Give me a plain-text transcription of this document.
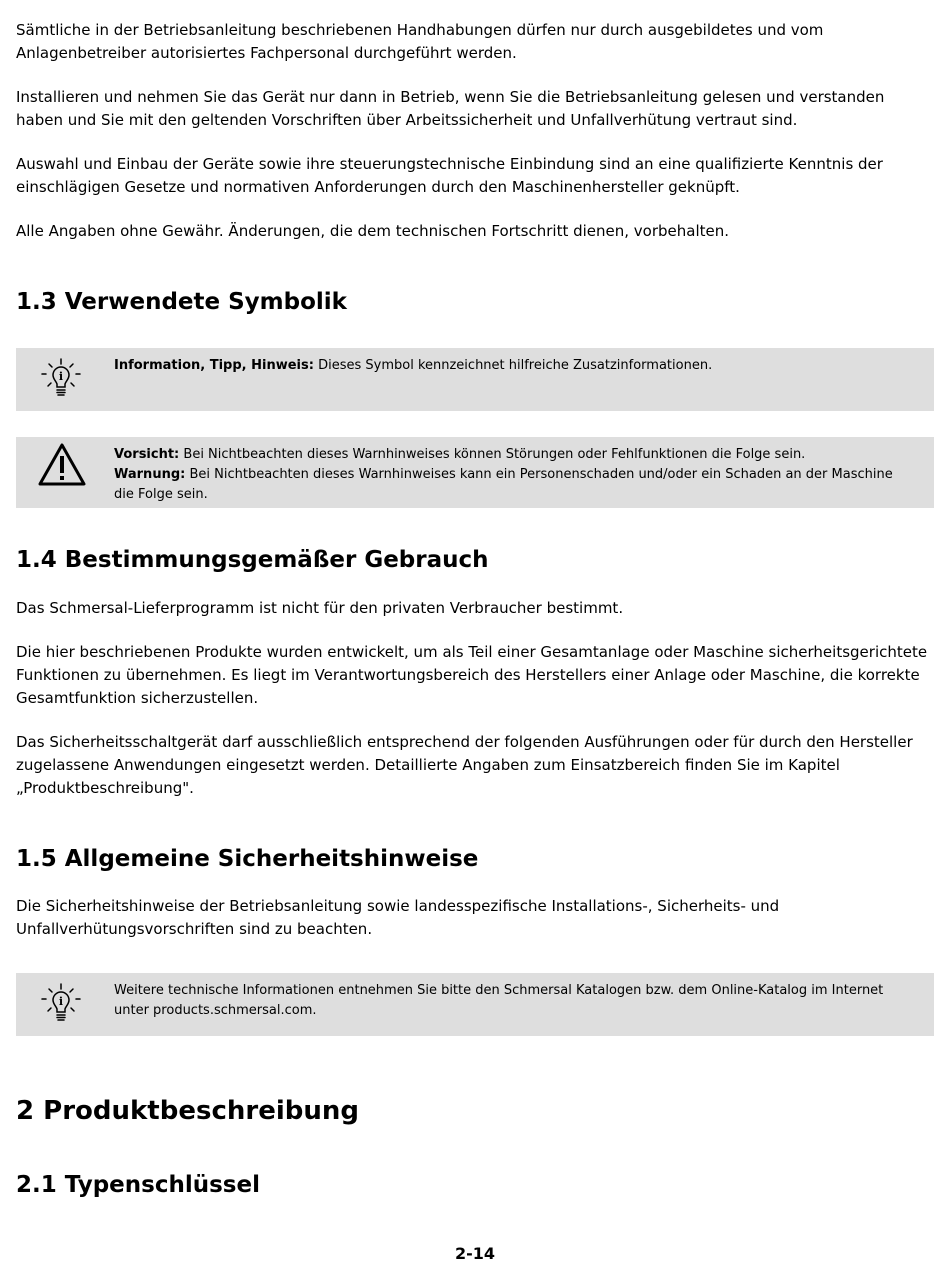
Sämtliche in der Betriebsanleitung beschriebenen Handhabungen dürfen nur durch ausgebildetes und vom Anlagenbetreiber autorisiertes Fachpersonal durchgeführt werden.

Installieren und nehmen Sie das Gerät nur dann in Betrieb, wenn Sie die Betriebsanleitung gelesen und verstanden haben und Sie mit den geltenden Vorschriften über Arbeitssicherheit und Unfallverhütung vertraut sind.

Auswahl und Einbau der Geräte sowie ihre steuerungstechnische Einbindung sind an eine qualifizierte Kenntnis der einschlägigen Gesetze und normativen Anforderungen durch den Maschinenhersteller geknüpft.

Alle Angaben ohne Gewähr. Änderungen, die dem technischen Fortschritt dienen, vorbehalten.

1.3 Verwendete Symbolik
i
Information, Tipp, Hinweis: Dieses Symbol kennzeichnet hilfreiche Zusatzinformationen.
Vorsicht: Bei Nichtbeachten dieses Warnhinweises können Störungen oder Fehlfunktionen die Folge sein.
Warnung: Bei Nichtbeachten dieses Warnhinweises kann ein Personenschaden und/oder ein Schaden an der Maschine die Folge sein.
1.4 Bestimmungsgemäßer Gebrauch

Das Schmersal-Lieferprogramm ist nicht für den privaten Verbraucher bestimmt.

Die hier beschriebenen Produkte wurden entwickelt, um als Teil einer Gesamtanlage oder Maschine sicherheitsgerichtete Funktionen zu übernehmen. Es liegt im Verantwortungsbereich des Herstellers einer Anlage oder Maschine, die korrekte Gesamtfunktion sicherzustellen.

Das Sicherheitsschaltgerät darf ausschließlich entsprechend der folgenden Ausführungen oder für durch den Hersteller zugelassene Anwendungen eingesetzt werden. Detaillierte Angaben zum Einsatzbereich finden Sie im Kapitel „Produktbeschreibung".

1.5 Allgemeine Sicherheitshinweise

Die Sicherheitshinweise der Betriebsanleitung sowie landesspezifische Installations-, Sicherheits- und Unfallverhütungsvorschriften sind zu beachten.

i
Weitere technische Informationen entnehmen Sie bitte den Schmersal Katalogen bzw. dem Online-Katalog im Internet unter products.schmersal.com.
2 Produktbeschreibung
2.1 Typenschlüssel
2-14
